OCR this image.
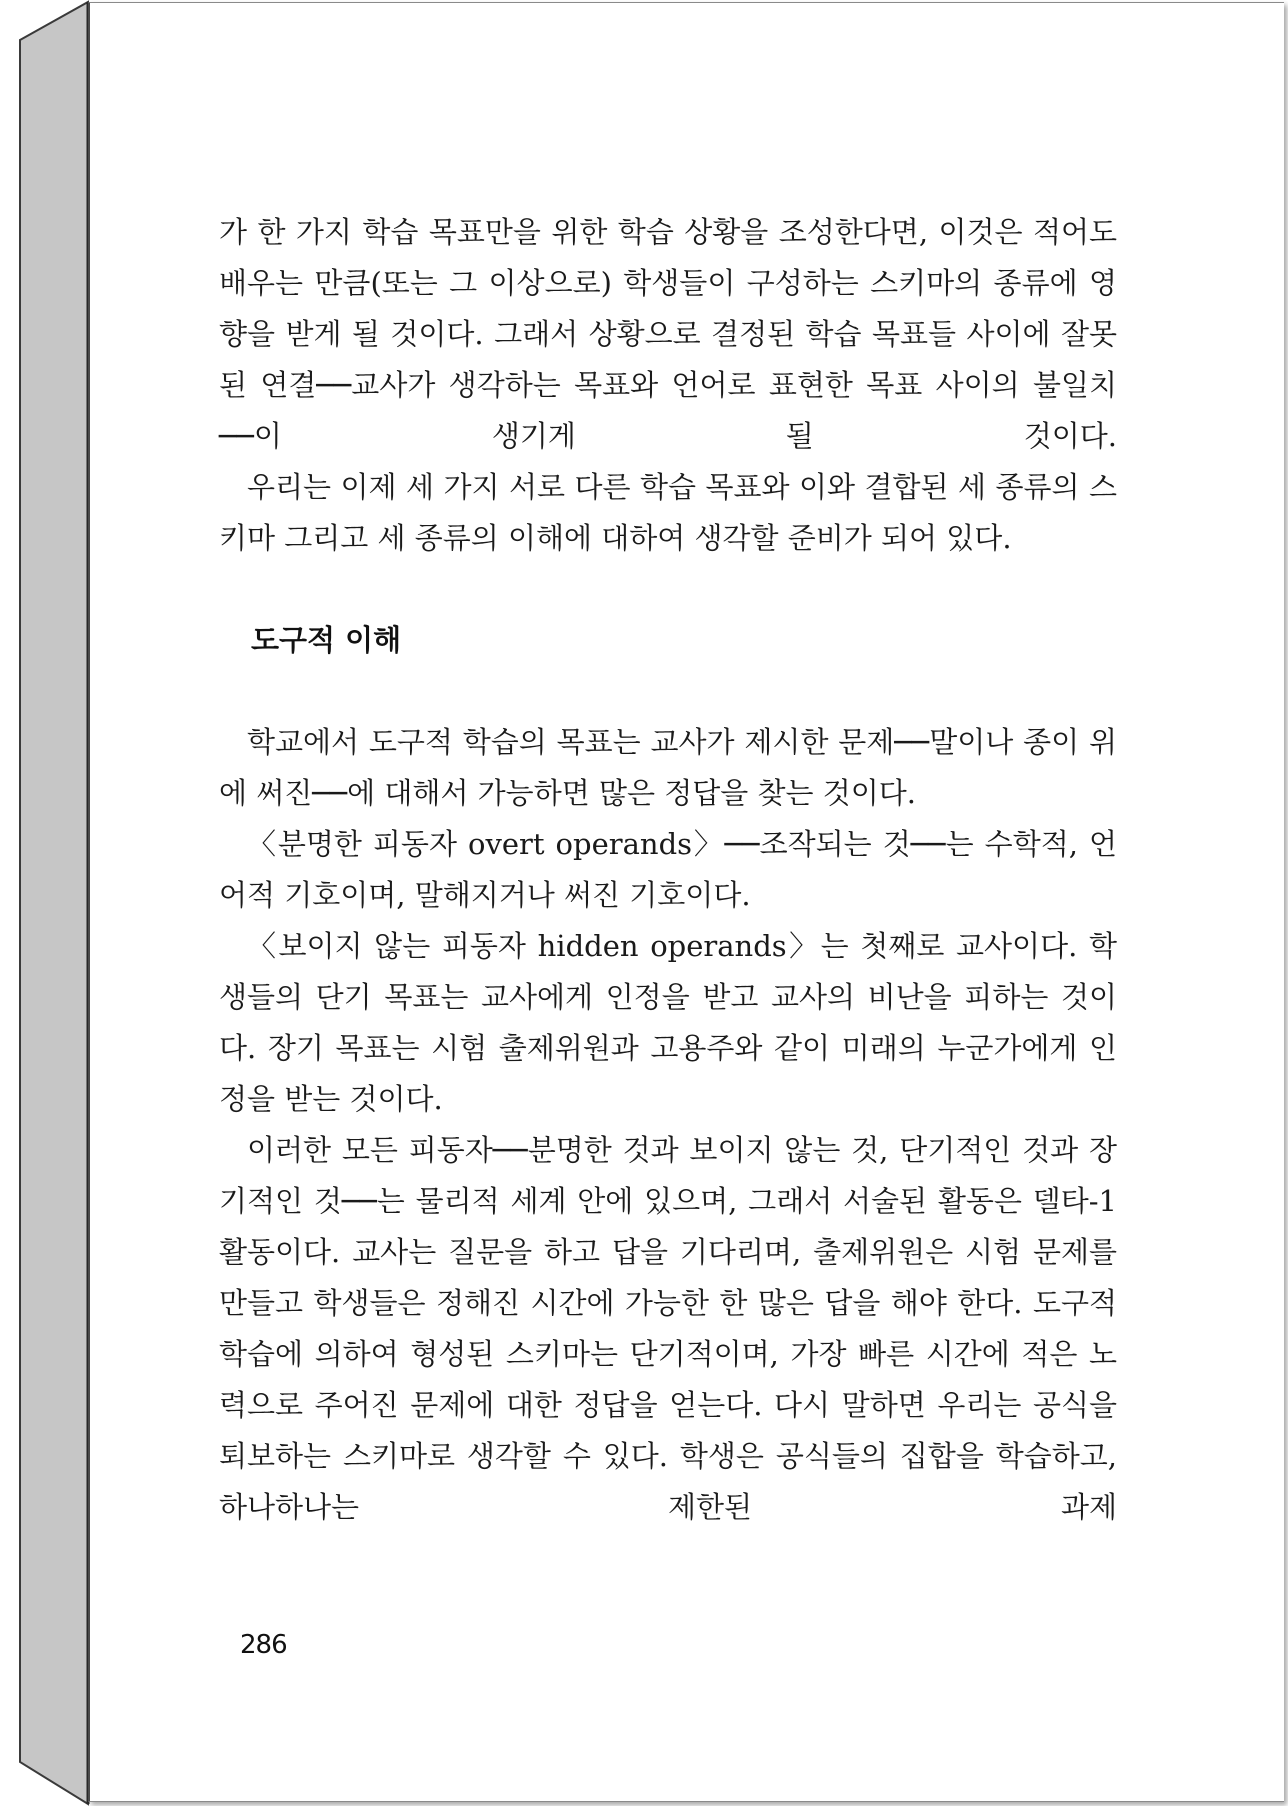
가 한 가지 학습 목표만을 위한 학습 상황을 조성한다면, 이것은 적어도 배우는 만큼(또는 그 이상으로) 학생들이 구성하는 스키마의 종류에 영향을 받게 될 것이다. 그래서 상황으로 결정된 학습 목표들 사이에 잘못된 연결──교사가 생각하는 목표와 언어로 표현한 목표 사이의 불일치──이 생기게 될 것이다.

우리는 이제 세 가지 서로 다른 학습 목표와 이와 결합된 세 종류의 스키마 그리고 세 종류의 이해에 대하여 생각할 준비가 되어 있다.

도구적 이해

학교에서 도구적 학습의 목표는 교사가 제시한 문제──말이나 종이 위에 써진──에 대해서 가능하면 많은 정답을 찾는 것이다.

〈분명한 피동자 overt operands〉──조작되는 것──는 수학적, 언어적 기호이며, 말해지거나 써진 기호이다.

〈보이지 않는 피동자 hidden operands〉는 첫째로 교사이다. 학생들의 단기 목표는 교사에게 인정을 받고 교사의 비난을 피하는 것이다. 장기 목표는 시험 출제위원과 고용주와 같이 미래의 누군가에게 인정을 받는 것이다.

이러한 모든 피동자──분명한 것과 보이지 않는 것, 단기적인 것과 장기적인 것──는 물리적 세계 안에 있으며, 그래서 서술된 활동은 델타-1 활동이다. 교사는 질문을 하고 답을 기다리며, 출제위원은 시험 문제를 만들고 학생들은 정해진 시간에 가능한 한 많은 답을 해야 한다. 도구적 학습에 의하여 형성된 스키마는 단기적이며, 가장 빠른 시간에 적은 노력으로 주어진 문제에 대한 정답을 얻는다. 다시 말하면 우리는 공식을 퇴보하는 스키마로 생각할 수 있다. 학생은 공식들의 집합을 학습하고, 하나하나는 제한된 과제

286
